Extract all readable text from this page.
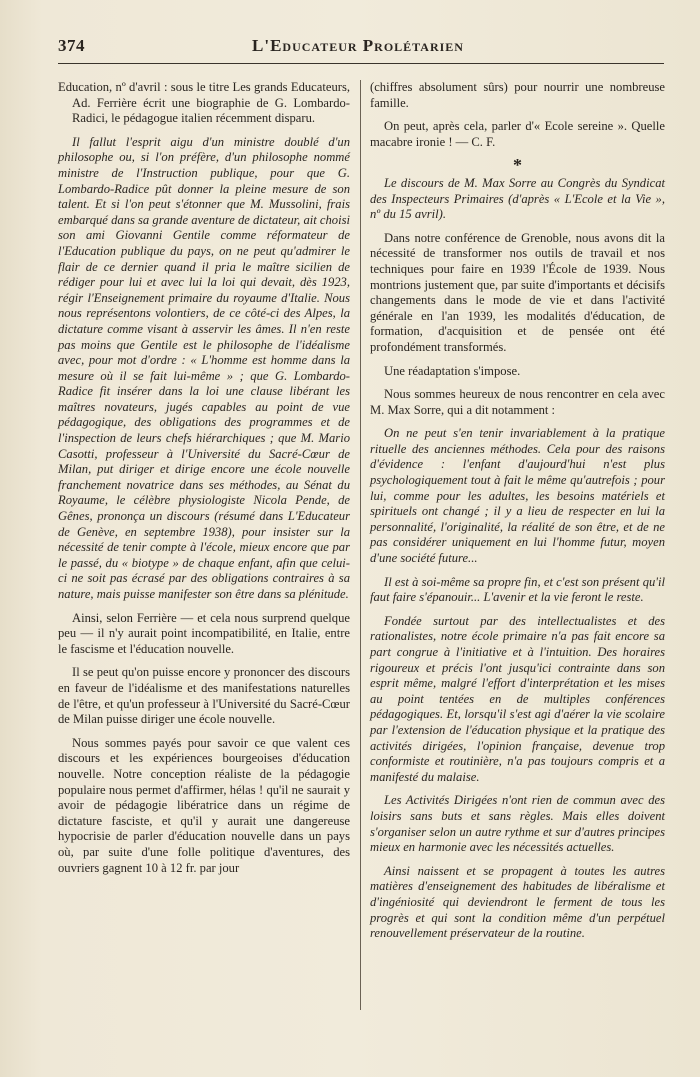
374	L'Educateur Prolétarien

Education, nº d'avril : sous le titre Les grands Educateurs, Ad. Ferrière écrit une biographie de G. Lombardo-Radici, le pédagogue italien récemment disparu.

Il fallut l'esprit aigu d'un ministre doublé d'un philosophe ou, si l'on préfère, d'un philosophe nommé ministre de l'Instruction publique, pour que G. Lombardo-Radice pût donner la pleine mesure de son talent. Et si l'on peut s'étonner que M. Mussolini, frais embarqué dans sa grande aventure de dictateur, ait choisi son ami Giovanni Gentile comme réformateur de l'Education publique du pays, on ne peut qu'admirer le flair de ce dernier quand il pria le maître sicilien de rédiger pour lui et avec lui la loi qui devait, dès 1923, régir l'Enseignement primaire du royaume d'Italie. Nous nous représentons volontiers, de ce côté-ci des Alpes, la dictature comme visant à asservir les âmes. Il n'en reste pas moins que Gentile est le philosophe de l'idéalisme avec, pour mot d'ordre : « L'homme est homme dans la mesure où il se fait lui-même » ; que G. Lombardo-Radice fit insérer dans la loi une clause libérant les maîtres novateurs, jugés capables au point de vue pédagogique, des obligations des programmes et de l'inspection de leurs chefs hiérarchiques ; que M. Mario Casotti, professeur à l'Université du Sacré-Cœur de Milan, put diriger et dirige encore une école nouvelle franchement novatrice dans ses méthodes, au Sénat du Royaume, le célèbre physiologiste Nicola Pende, de Gênes, prononça un discours (résumé dans L'Educateur de Genève, en septembre 1938), pour insister sur la nécessité de tenir compte à l'école, mieux encore que par le passé, du « biotype » de chaque enfant, afin que celui-ci ne soit pas écrasé par des obligations contraires à sa nature, mais puisse manifester son être dans sa plénitude.

Ainsi, selon Ferrière — et cela nous surprend quelque peu — il n'y aurait point incompatibilité, en Italie, entre le fascisme et l'éducation nouvelle.

Il se peut qu'on puisse encore y prononcer des discours en faveur de l'idéalisme et des manifestations naturelles de l'être, et qu'un professeur à l'Université du Sacré-Cœur de Milan puisse diriger une école nouvelle.

Nous sommes payés pour savoir ce que valent ces discours et les expériences bourgeoises d'éducation nouvelle. Notre conception réaliste de la pédagogie populaire nous permet d'affirmer, hélas ! qu'il ne saurait y avoir de pédagogie libératrice dans un régime de dictature fasciste, et qu'il y aurait une dangereuse hypocrisie de parler d'éducation nouvelle dans un pays où, par suite d'une folle politique d'aventures, des ouvriers gagnent 10 à 12 fr. par jour

(chiffres absolument sûrs) pour nourrir une nombreuse famille.

On peut, après cela, parler d'« Ecole sereine ». Quelle macabre ironie ! — C. F.

*

Le discours de M. Max Sorre au Congrès du Syndicat des Inspecteurs Primaires (d'après « L'Ecole et la Vie », nº du 15 avril).

Dans notre conférence de Grenoble, nous avons dit la nécessité de transformer nos outils de travail et nos techniques pour faire en 1939 l'École de 1939. Nous montrions justement que, par suite d'importants et décisifs changements dans le mode de vie et dans l'activité générale en l'an 1939, les modalités d'éducation, de formation, d'acquisition et de pensée ont été profondément transformés.

Une réadaptation s'impose.

Nous sommes heureux de nous rencontrer en cela avec M. Max Sorre, qui a dit notamment :

On ne peut s'en tenir invariablement à la pratique rituelle des anciennes méthodes. Cela pour des raisons d'évidence : l'enfant d'aujourd'hui n'est plus psychologiquement tout à fait le même qu'autrefois ; pour lui, comme pour les adultes, les besoins matériels et spirituels ont changé ; il y a lieu de respecter en lui la personnalité, l'originalité, la réalité de son être, et de ne pas considérer uniquement en lui l'homme futur, moyen d'une société future...

Il est à soi-même sa propre fin, et c'est son présent qu'il faut faire s'épanouir... L'avenir et la vie feront le reste.

Fondée surtout par des intellectualistes et des rationalistes, notre école primaire n'a pas fait encore sa part congrue à l'initiative et à l'intuition. Des horaires rigoureux et précis l'ont jusqu'ici contrainte dans son esprit même, malgré l'effort d'interprétation et les mises au point tentées en de multiples conférences pédagogiques. Et, lorsqu'il s'est agi d'aérer la vie scolaire par l'extension de l'éducation physique et la pratique des activités dirigées, l'opinion française, devenue trop conformiste et routinière, n'a pas toujours compris et a manifesté du malaise.

Les Activités Dirigées n'ont rien de commun avec des loisirs sans buts et sans règles. Mais elles doivent s'organiser selon un autre rythme et sur d'autres principes mieux en harmonie avec les nécessités actuelles.

Ainsi naissent et se propagent à toutes les autres matières d'enseignement des habitudes de libéralisme et d'ingéniosité qui deviendront le ferment de tous les progrès et qui sont la condition même d'un perpétuel renouvellement préservateur de la routine.
